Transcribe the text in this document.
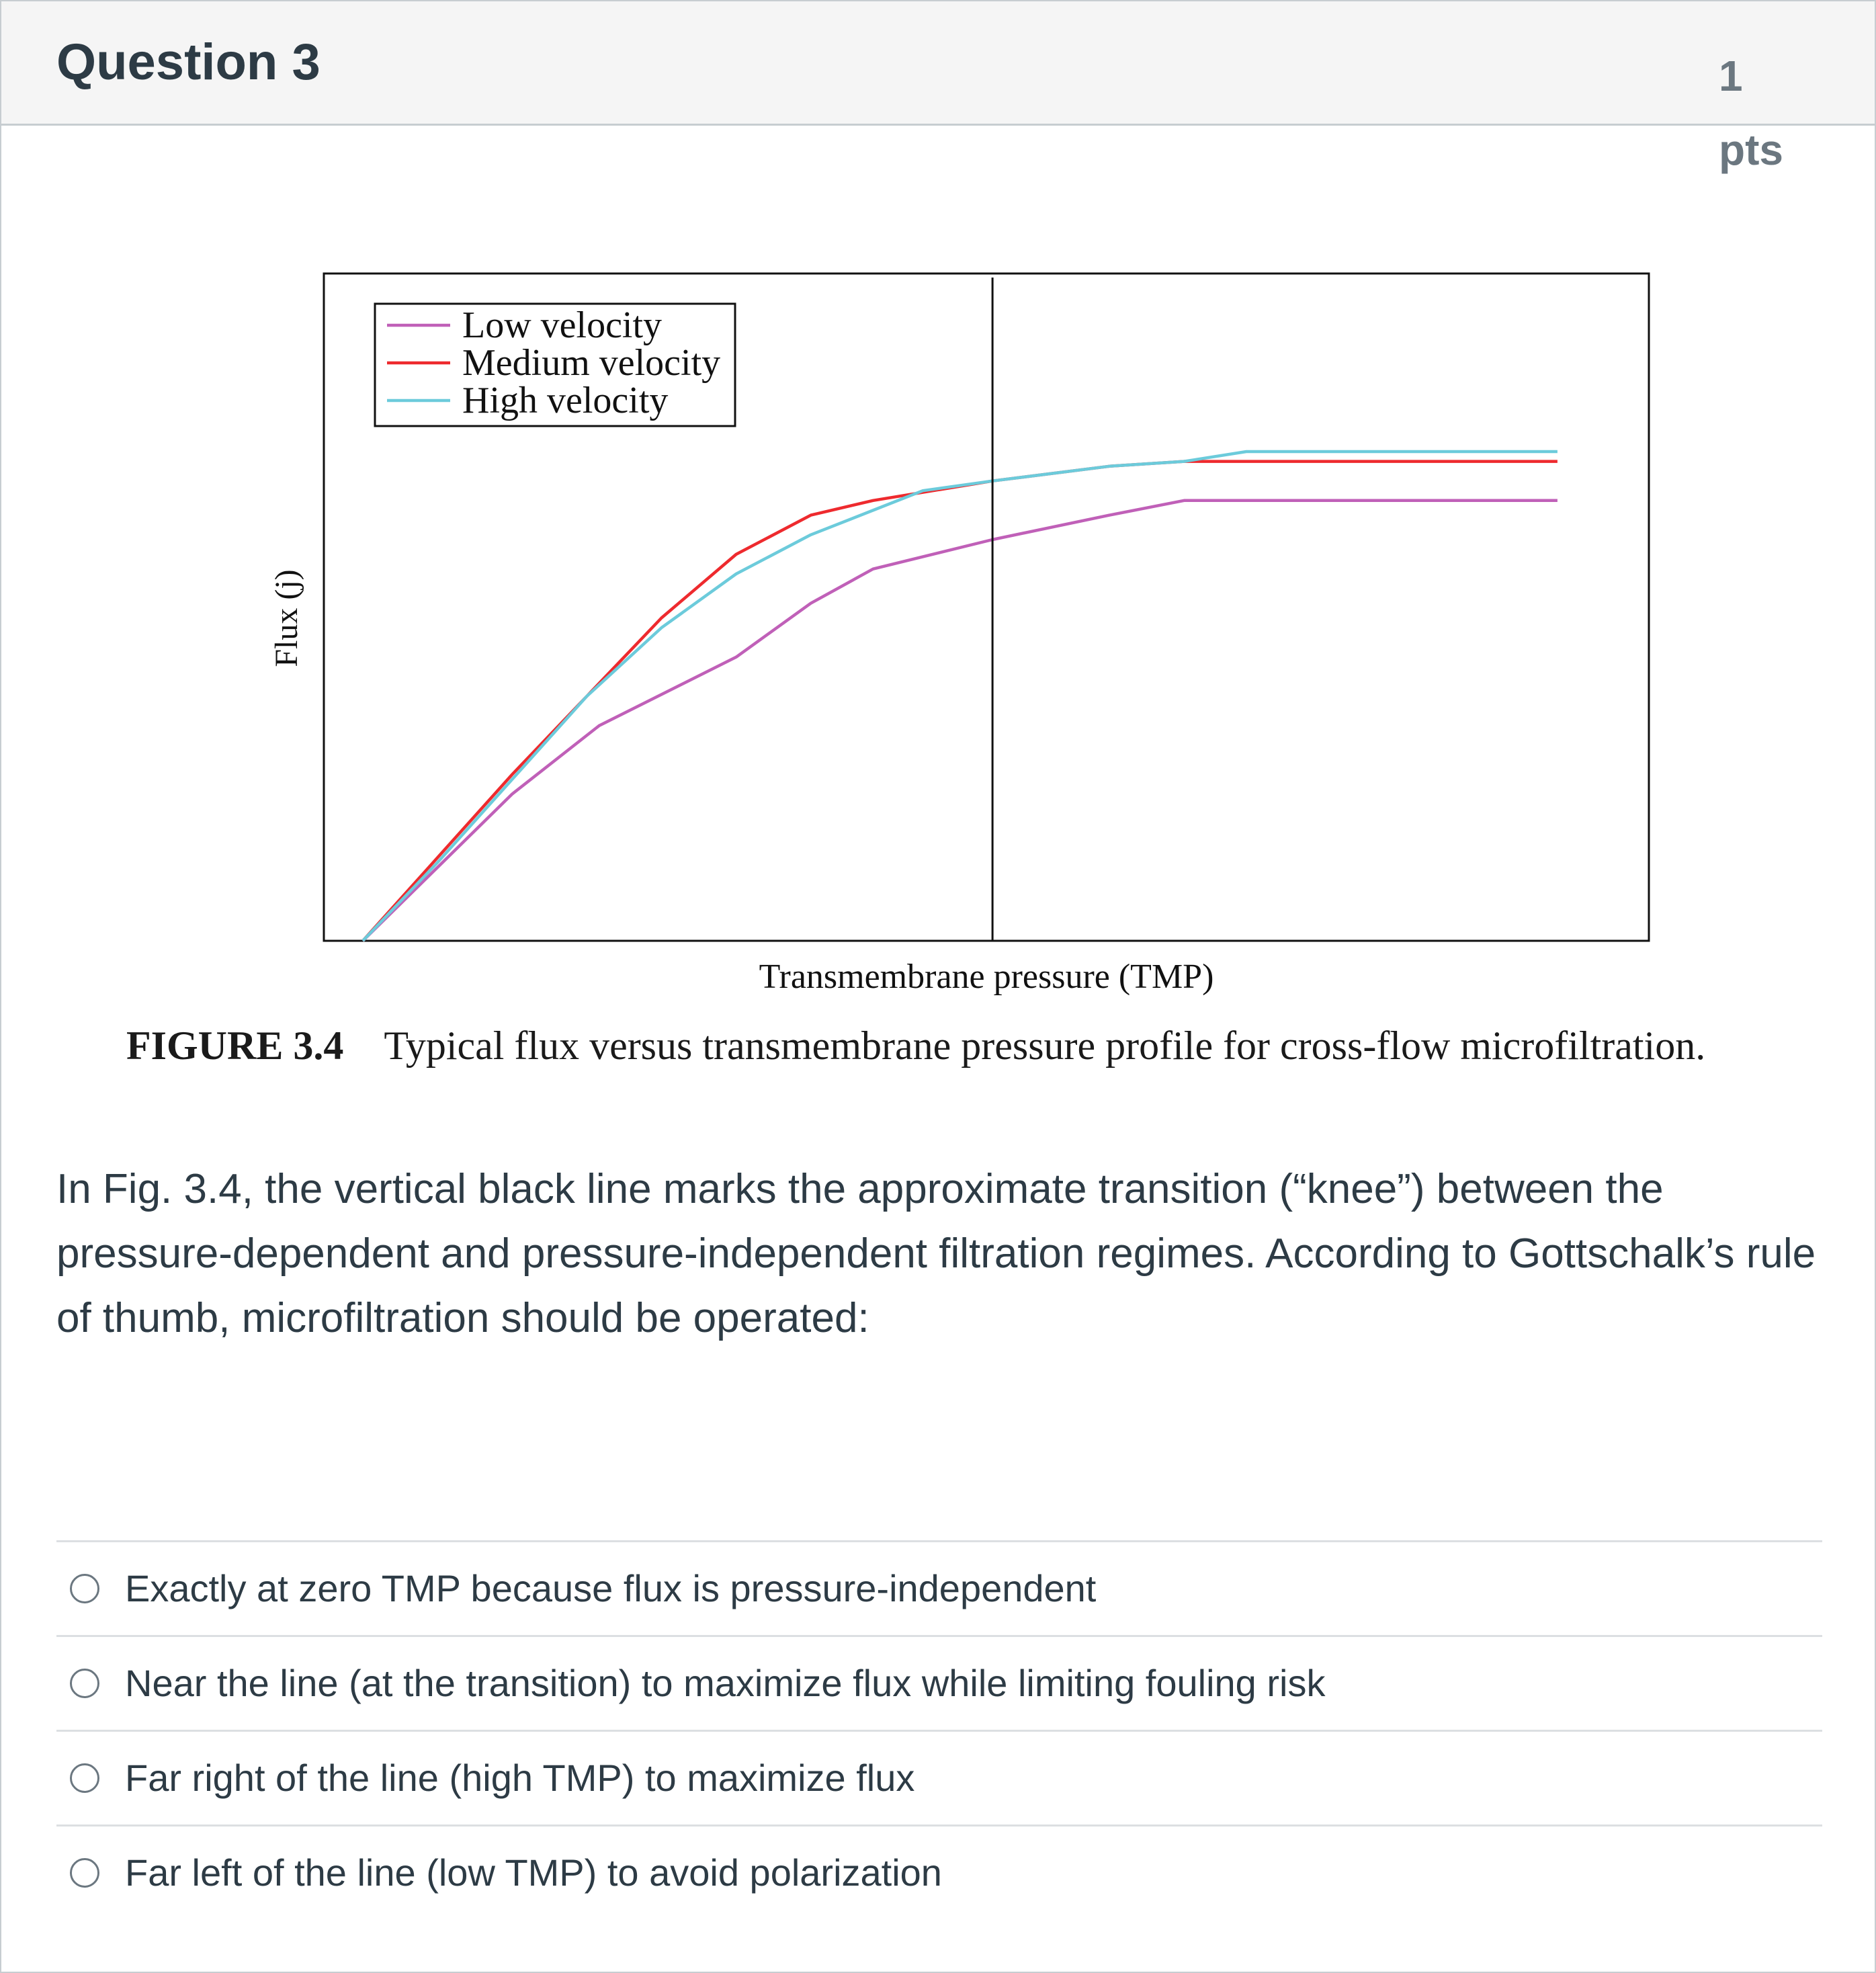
Question 3	1 pts
Low velocity
Medium velocity
High velocity
Transmembrane pressure (TMP)
Flux (j)
FIGURE 3.4 Typical flux versus transmembrane pressure profile for cross-flow microfiltration.
In Fig. 3.4, the vertical black line marks the approximate transition (“knee”) between the pressure-dependent and pressure-independent filtration regimes. According to Gottschalk’s rule of thumb, microfiltration should be operated:
Exactly at zero TMP because flux is pressure-independent
Near the line (at the transition) to maximize flux while limiting fouling risk
Far right of the line (high TMP) to maximize flux
Far left of the line (low TMP) to avoid polarization
